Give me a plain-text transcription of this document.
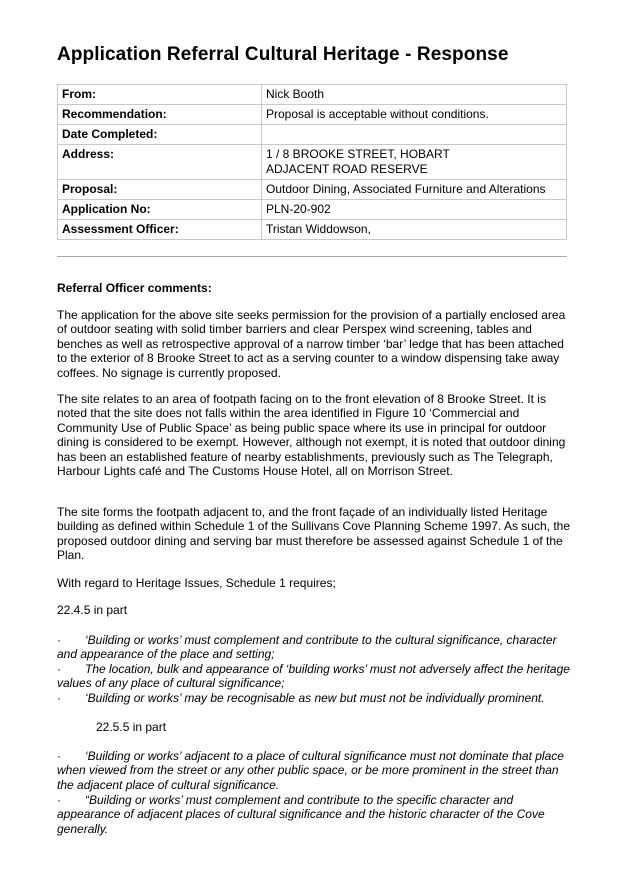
Application Referral Cultural Heritage - Response
From:	Nick Booth
Recommendation:	Proposal is acceptable without conditions.
Date Completed:	
Address:	1 / 8 BROOKE STREET, HOBART
ADJACENT ROAD RESERVE

Proposal:	Outdoor Dining, Associated Furniture and Alterations
Application No:	PLN-20-902
Assessment Officer:	Tristan Widdowson,
Referral Officer comments:
The application for the above site seeks permission for the provision of a partially enclosed area of outdoor seating with solid timber barriers and clear Perspex wind screening, tables and benches as well as retrospective approval of a narrow timber ‘bar’ ledge that has been attached to the exterior of 8 Brooke Street to act as a serving counter to a window dispensing take away coffees. No signage is currently proposed.
The site relates to an area of footpath facing on to the front elevation of 8 Brooke Street. It is noted that the site does not falls within the area identified in Figure 10 ‘Commercial and Community Use of Public Space’ as being public space where its use in principal for outdoor dining is considered to be exempt. However, although not exempt, it is noted that outdoor dining has been an established feature of nearby establishments, previously such as The Telegraph, Harbour Lights café and The Customs House Hotel, all on Morrison Street.
The site forms the footpath adjacent to, and the front façade of an individually listed Heritage building as defined within Schedule 1 of the Sullivans Cove Planning Scheme 1997. As such, the proposed outdoor dining and serving bar must therefore be assessed against Schedule 1 of the Plan.
With regard to Heritage Issues, Schedule 1 requires;
22.4.5 in part
· ‘Building or works’ must complement and contribute to the cultural significance, character and appearance of the place and setting;
· The location, bulk and appearance of ‘building works’ must not adversely affect the heritage values of any place of cultural significance;
· ‘Building or works’ may be recognisable as new but must not be individually prominent.
22.5.5 in part
· ‘Building or works’ adjacent to a place of cultural significance must not dominate that place when viewed from the street or any other public space, or be more prominent in the street than the adjacent place of cultural significance.
· “Building or works’ must complement and contribute to the specific character and appearance of adjacent places of cultural significance and the historic character of the Cove generally.
